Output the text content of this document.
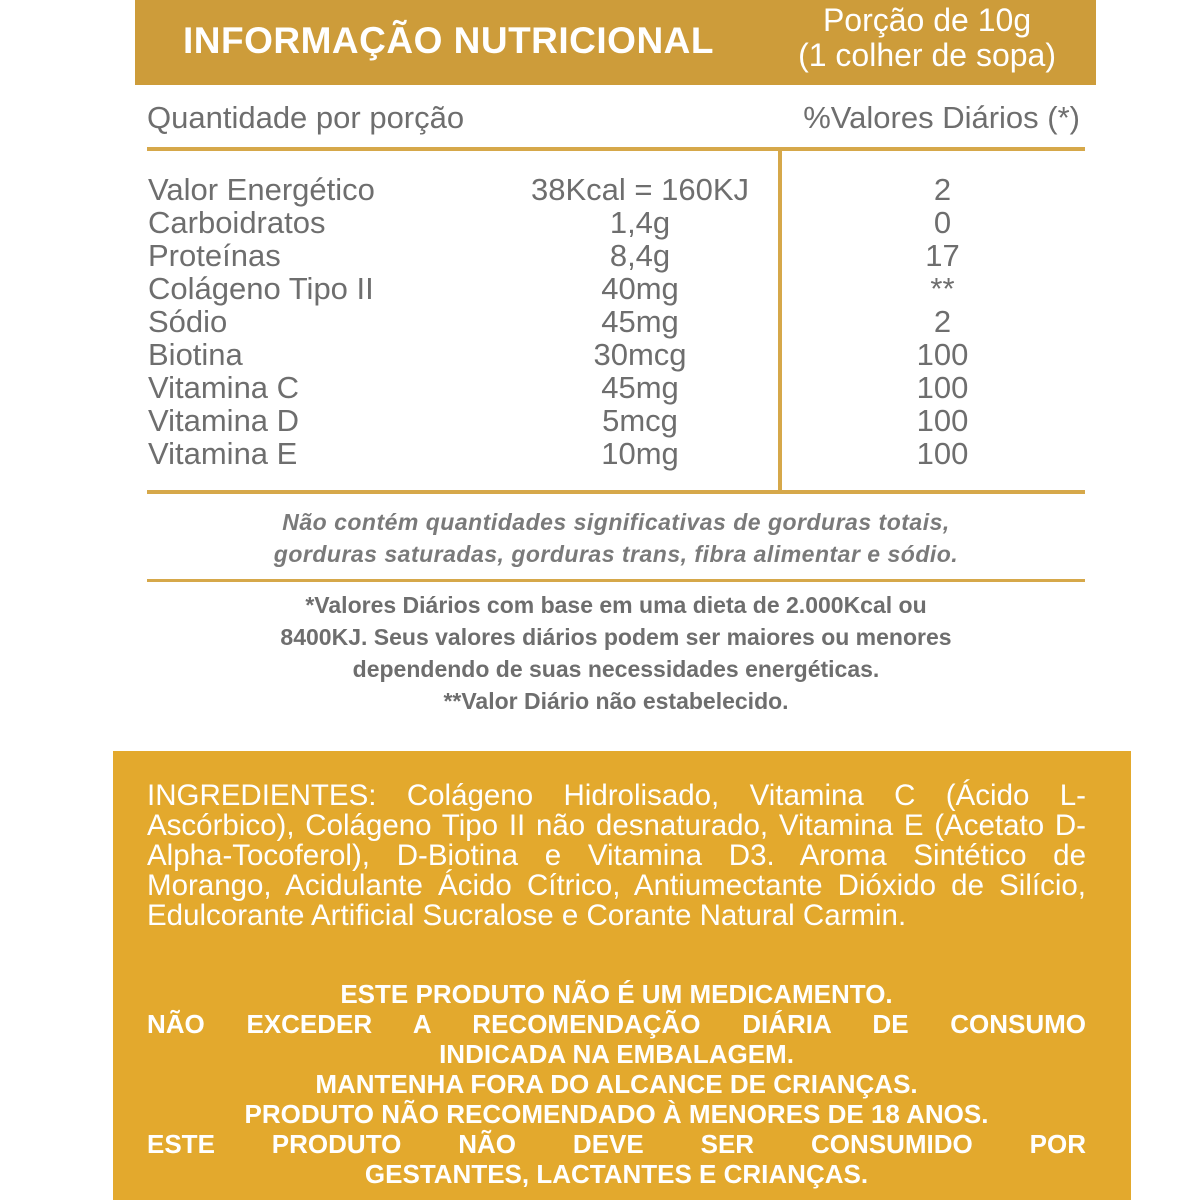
INFORMAÇÃO NUTRICIONAL	Porção de 10g
(1 colher de sopa)
Quantidade por porção	%Valores Diários (*)
Valor Energético	38Kcal = 160KJ	2
Carboidratos	1,4g	0
Proteínas	8,4g	17
Colágeno Tipo II	40mg	**
Sódio	45mg	2
Biotina	30mcg	100
Vitamina C	45mg	100
Vitamina D	5mcg	100
Vitamina E	10mg	100
Não contém quantidades significativas de gorduras totais,
gorduras saturadas, gorduras trans, fibra alimentar e sódio.
*Valores Diários com base em uma dieta de 2.000Kcal ou
8400KJ. Seus valores diários podem ser maiores ou menores
dependendo de suas necessidades energéticas.
**Valor Diário não estabelecido.
INGREDIENTES: Colágeno Hidrolisado, Vitamina C (Ácido L-Ascórbico), Colágeno Tipo II não desnaturado, Vitamina E (Acetato D-Alpha-Tocoferol), D-Biotina e Vitamina D3. Aroma Sintético de Morango, Acidulante Ácido Cítrico, Antiumectante Dióxido de Silício, Edulcorante Artificial Sucralose e Corante Natural Carmin.
ESTE PRODUTO NÃO É UM MEDICAMENTO.
NÃO EXCEDER A RECOMENDAÇÃO DIÁRIA DE CONSUMO
INDICADA NA EMBALAGEM.
MANTENHA FORA DO ALCANCE DE CRIANÇAS.
PRODUTO NÃO RECOMENDADO À MENORES DE 18 ANOS.
ESTE PRODUTO NÃO DEVE SER CONSUMIDO POR
GESTANTES, LACTANTES E CRIANÇAS.
